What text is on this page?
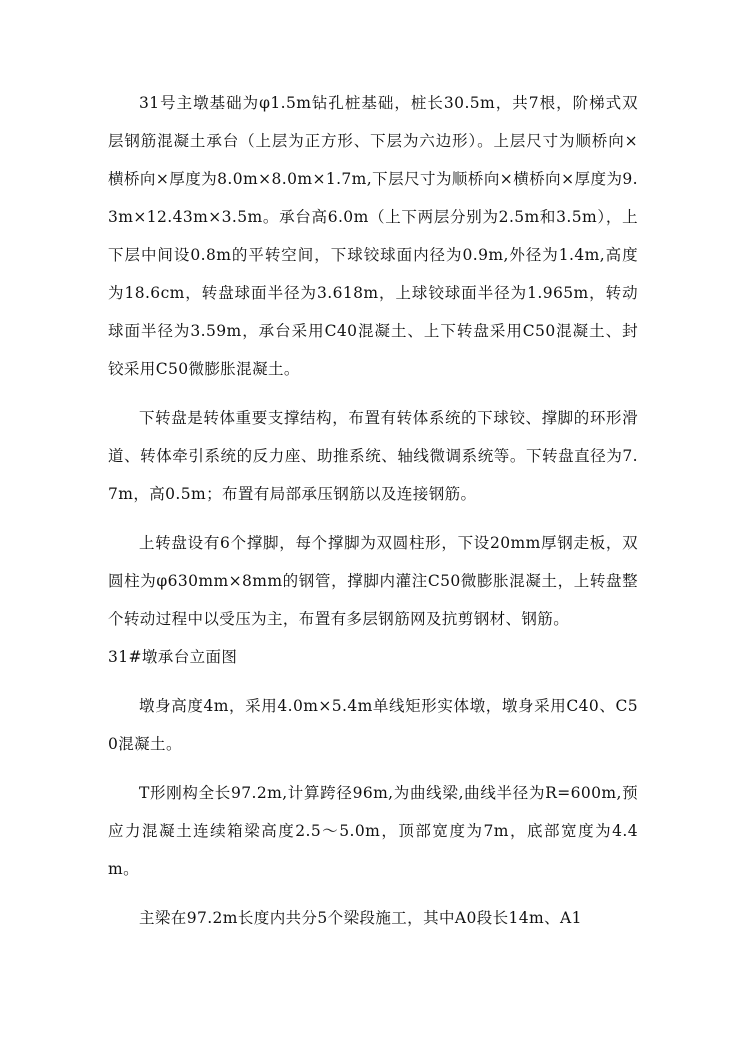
31号主墩基础为φ1.5m钻孔桩基础，桩长30.5m，共7根，阶梯式双层钢筋混凝土承台（上层为正方形、下层为六边形）。上层尺寸为顺桥向×横桥向×厚度为8.0m×8.0m×1.7m,下层尺寸为顺桥向×横桥向×厚度为9.3m×12.43m×3.5m。承台高6.0m（上下两层分别为2.5m和3.5m），上下层中间设0.8m的平转空间，下球铰球面内径为0.9m,外径为1.4m,高度为18.6cm，转盘球面半径为3.618m，上球铰球面半径为1.965m，转动球面半径为3.59m，承台采用C40混凝土、上下转盘采用C50混凝土、封铰采用C50微膨胀混凝土。

下转盘是转体重要支撑结构，布置有转体系统的下球铰、撑脚的环形滑道、转体牵引系统的反力座、助推系统、轴线微调系统等。下转盘直径为7.7m，高0.5m；布置有局部承压钢筋以及连接钢筋。

上转盘设有6个撑脚，每个撑脚为双圆柱形，下设20mm厚钢走板，双圆柱为φ630mm×8mm的钢管，撑脚内灌注C50微膨胀混凝土，上转盘整个转动过程中以受压为主，布置有多层钢筋网及抗剪钢材、钢筋。

31#墩承台立面图

墩身高度4m，采用4.0m×5.4m单线矩形实体墩，墩身采用C40、C50混凝土。

T形刚构全长97.2m,计算跨径96m,为曲线梁,曲线半径为R=600m,预应力混凝土连续箱梁高度2.5～5.0m，顶部宽度为7m，底部宽度为4.4m。

主梁在97.2m长度内共分5个梁段施工，其中A0段长14m、A1
